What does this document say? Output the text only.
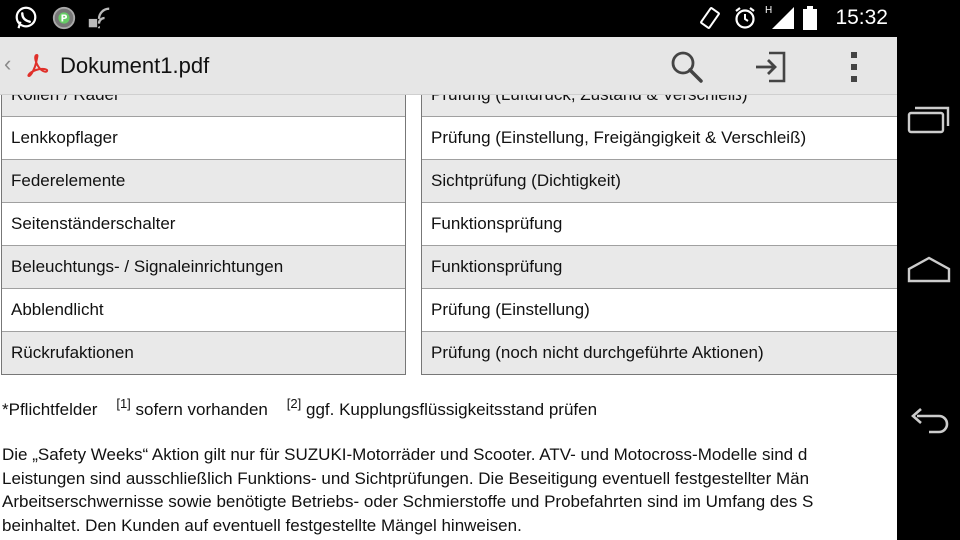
P
H	15:32
Lenkkopflager
Federelemente
Seitenständerschalter
Beleuchtungs- / Signaleinrichtungen
Abblendlicht
Rückrufaktionen
Prüfung (Einstellung, Freigängigkeit & Verschleiß)
Sichtprüfung (Dichtigkeit)
Funktionsprüfung
Funktionsprüfung
Prüfung (Einstellung)
Prüfung (noch nicht durchgeführte Aktionen)
*Pflichtfelder [1] sofern vorhanden [2] ggf. Kupplungsflüssigkeitsstand prüfen
Die „Safety Weeks“ Aktion gilt nur für SUZUKI-Motorräder und Scooter. ATV- und Motocross-Modelle sind d
Leistungen sind ausschließlich Funktions- und Sichtprüfungen. Die Beseitigung eventuell festgestellter Män
Arbeitserschwernisse sowie benötigte Betriebs- oder Schmierstoffe und Probefahrten sind im Umfang des S
beinhaltet. Den Kunden auf eventuell festgestellte Mängel hinweisen.
‹ Dokument1.pdf
